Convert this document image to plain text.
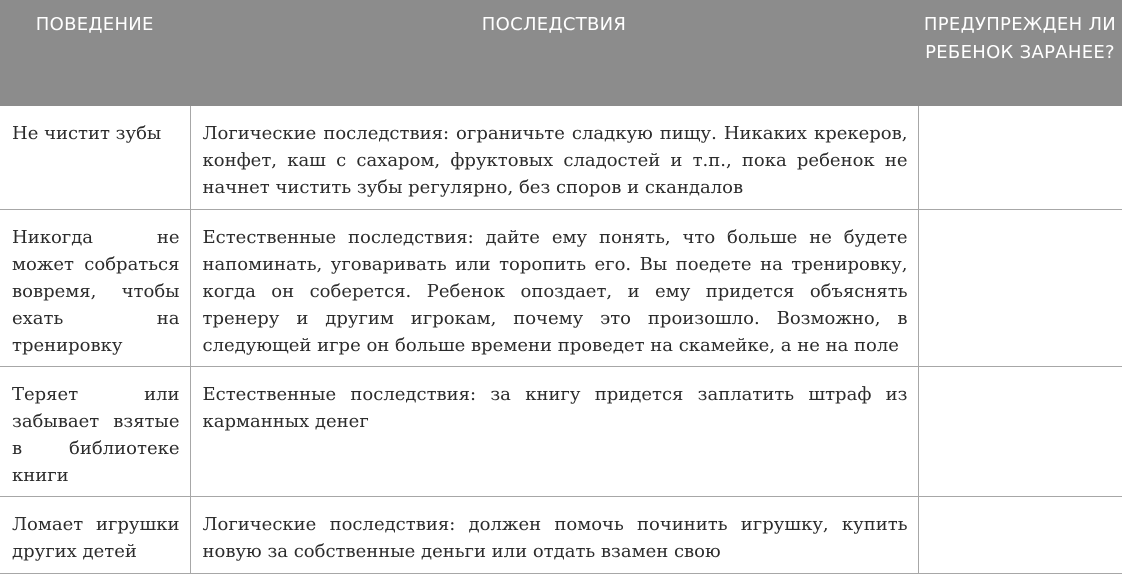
ПОВЕДЕНИЕ	ПОСЛЕДСТВИЯ	ПРЕДУПРЕЖДЕН ЛИ РЕБЕНОК ЗАРАНЕЕ?
Не чистит зубы	Логические последствия: ограничьте сладкую пищу. Никаких крекеров, конфет, каш с сахаром, фруктовых сладостей и т.п., пока ребенок не начнет чистить зубы регулярно, без споров и скандалов	
Никогда не может собраться вовремя, чтобы ехать на тренировку	Естественные последствия: дайте ему понять, что больше не будете напоминать, уговаривать или торопить его. Вы поедете на тренировку, когда он соберется. Ребенок опоздает, и ему придется объяснять тренеру и другим игрокам, почему это произошло. Возможно, в следующей игре он больше времени проведет на скамейке, а не на поле	
Теряет или забывает взятые в библиотеке книги	Естественные последствия: за книгу придется заплатить штраф из карманных денег	
Ломает игрушки других детей	Логические последствия: должен помочь починить игрушку, купить новую за собственные деньги или отдать взамен свою	
